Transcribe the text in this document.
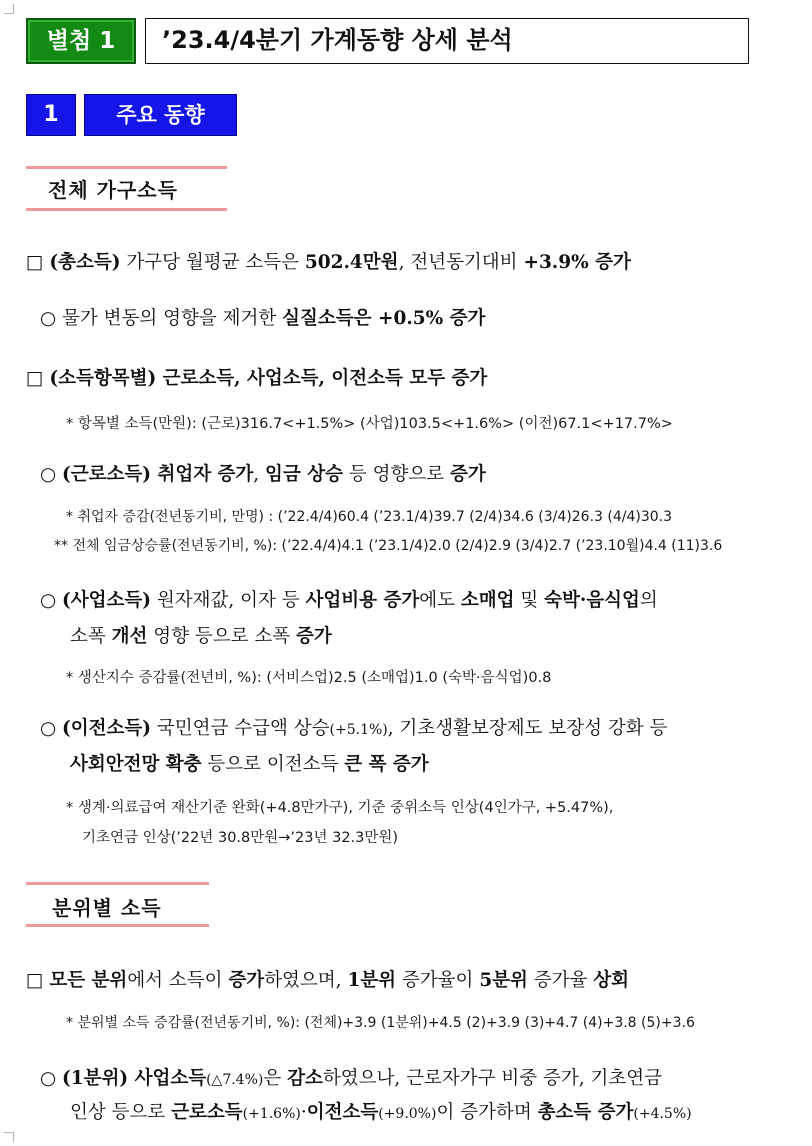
별첨 1	’23.4/4분기 가계동향 상세 분석
1	주요 동향
전체 가구소득
□ (총소득) 가구당 월평균 소득은 502.4만원, 전년동기대비 +3.9% 증가
○ 물가 변동의 영향을 제거한 실질소득은 +0.5% 증가
□ (소득항목별) 근로소득, 사업소득, 이전소득 모두 증가
* 항목별 소득(만원): (근로)316.7<+1.5%> (사업)103.5<+1.6%> (이전)67.1<+17.7%>
○ (근로소득) 취업자 증가, 임금 상승 등 영향으로 증가
* 취업자 증감(전년동기비, 만명) : (’22.4/4)60.4 (’23.1/4)39.7 (2/4)34.6 (3/4)26.3 (4/4)30.3
** 전체 임금상승률(전년동기비, %): (’22.4/4)4.1 (’23.1/4)2.0 (2/4)2.9 (3/4)2.7 (’23.10월)4.4 (11)3.6
○ (사업소득) 원자재값, 이자 등 사업비용 증가에도 소매업 및 숙박·음식업의
소폭 개선 영향 등으로 소폭 증가
* 생산지수 증감률(전년비, %): (서비스업)2.5 (소매업)1.0 (숙박·음식업)0.8
○ (이전소득) 국민연금 수급액 상승(+5.1%), 기초생활보장제도 보장성 강화 등
사회안전망 확충 등으로 이전소득 큰 폭 증가
* 생계·의료급여 재산기준 완화(+4.8만가구), 기준 중위소득 인상(4인가구, +5.47%),
기초연금 인상(’22년 30.8만원→’23년 32.3만원)
분위별 소득
□ 모든 분위에서 소득이 증가하였으며, 1분위 증가율이 5분위 증가율 상회
* 분위별 소득 증감률(전년동기비, %): (전체)+3.9 (1분위)+4.5 (2)+3.9 (3)+4.7 (4)+3.8 (5)+3.6
○ (1분위) 사업소득(△7.4%)은 감소하였으나, 근로자가구 비중 증가, 기초연금
인상 등으로 근로소득(+1.6%)·이전소득(+9.0%)이 증가하며 총소득 증가(+4.5%)
